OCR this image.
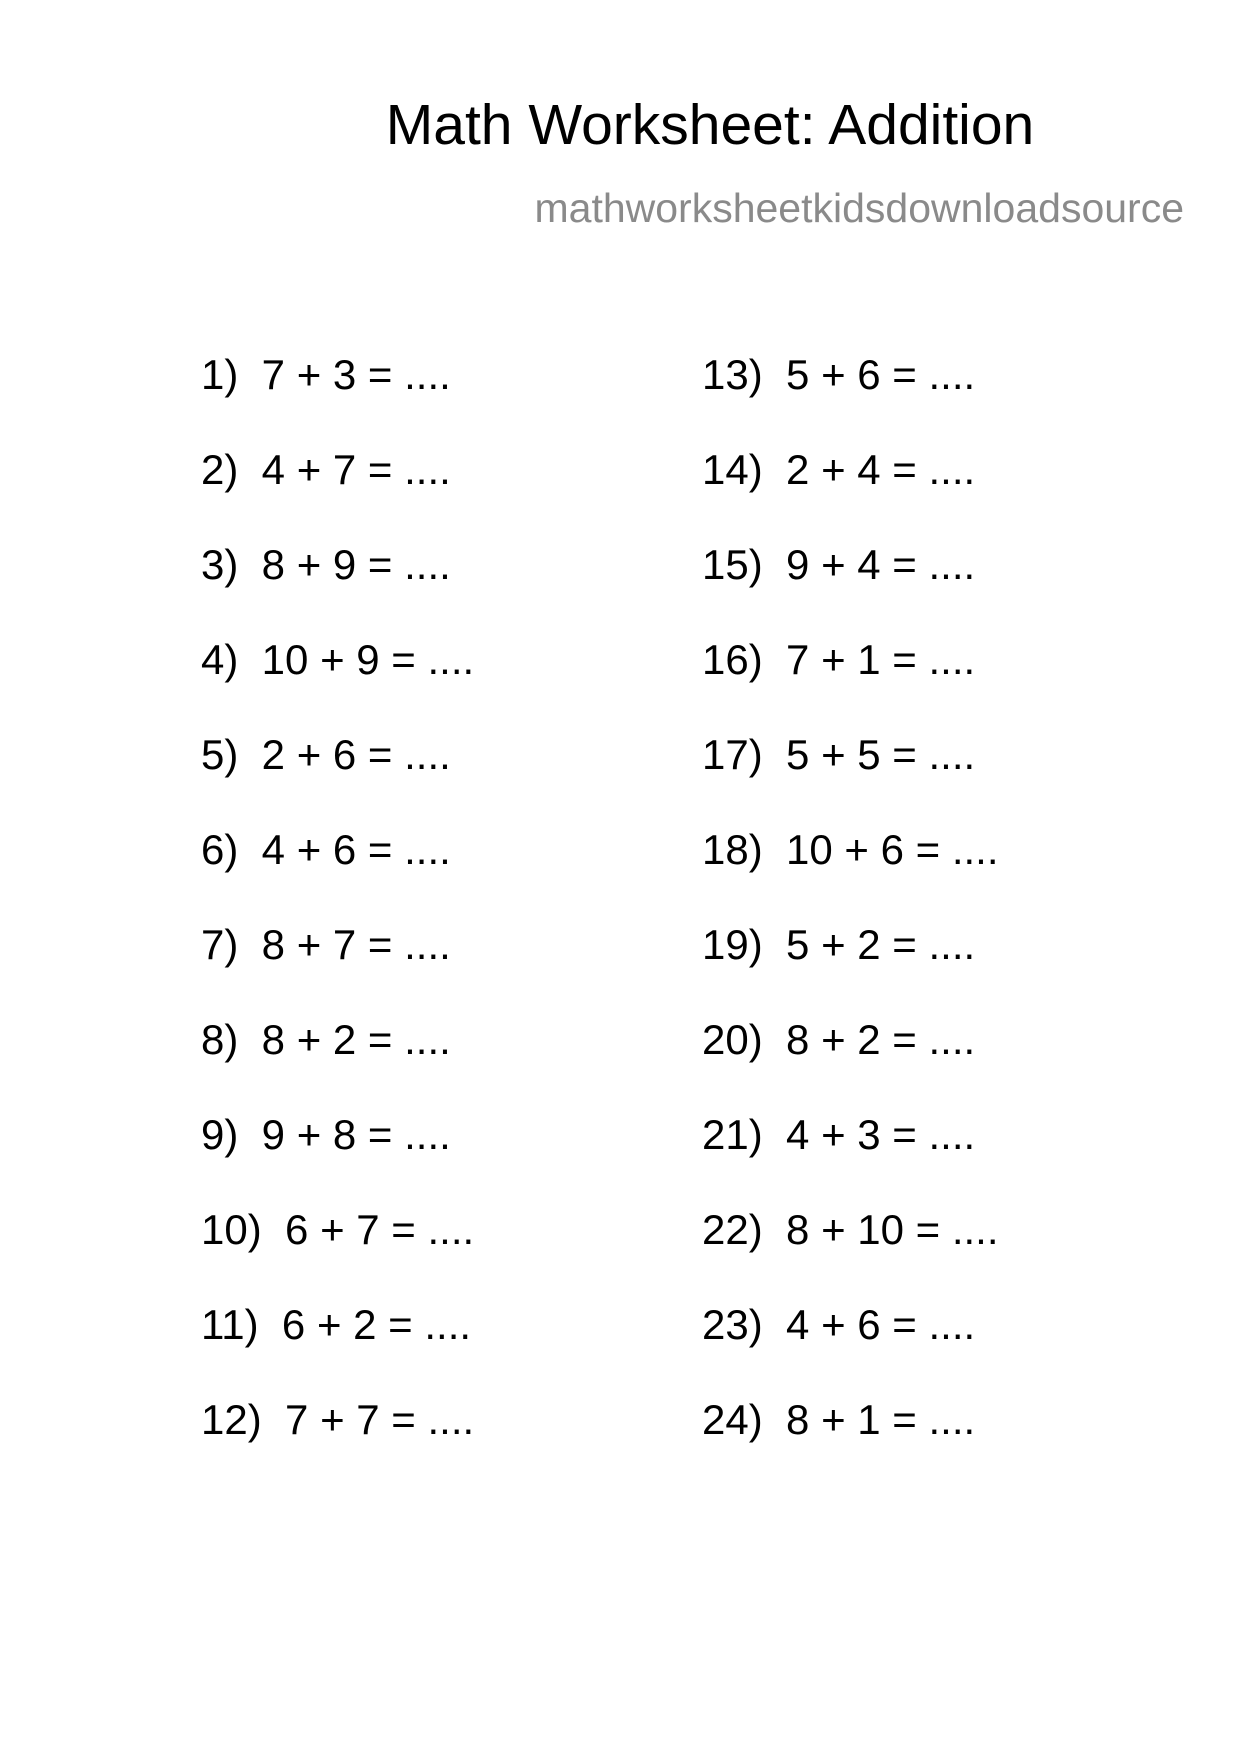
Math Worksheet: Addition
mathworksheetkidsdownloadsource
1)  7 + 3 = ....
2)  4 + 7 = ....
3)  8 + 9 = ....
4)  10 + 9 = ....
5)  2 + 6 = ....
6)  4 + 6 = ....
7)  8 + 7 = ....
8)  8 + 2 = ....
9)  9 + 8 = ....
10)  6 + 7 = ....
11)  6 + 2 = ....
12)  7 + 7 = ....
13)  5 + 6 = ....
14)  2 + 4 = ....
15)  9 + 4 = ....
16)  7 + 1 = ....
17)  5 + 5 = ....
18)  10 + 6 = ....
19)  5 + 2 = ....
20)  8 + 2 = ....
21)  4 + 3 = ....
22)  8 + 10 = ....
23)  4 + 6 = ....
24)  8 + 1 = ....
